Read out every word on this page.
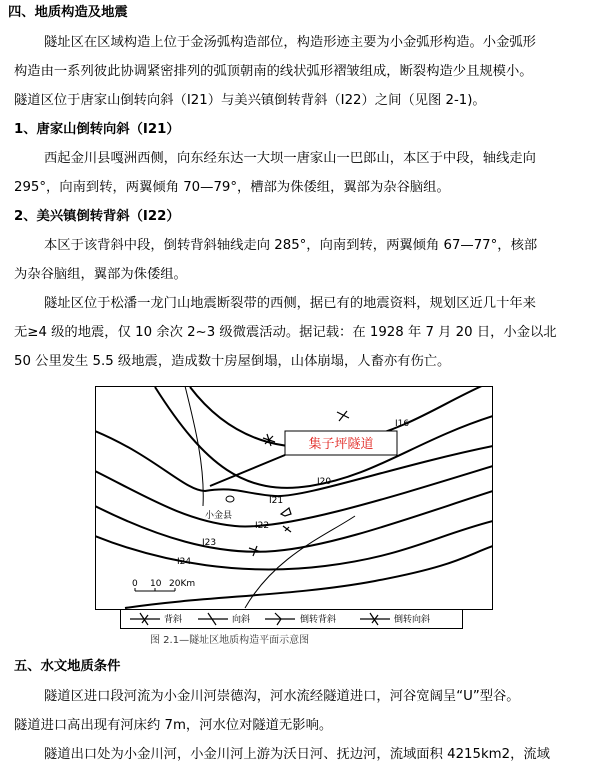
四、地质构造及地震
隧址区在区域构造上位于金汤弧构造部位，构造形迹主要为小金弧形构造。小金弧形
构造由一系列彼此协调紧密排列的弧顶朝南的线状弧形褶皱组成，断裂构造少且规模小。
隧道区位于唐家山倒转向斜（Ⅰ21）与美兴镇倒转背斜（Ⅰ22）之间（见图 2-1)。
1、唐家山倒转向斜（Ⅰ21）
西起金川县嘎洲西侧，向东经东达一大坝一唐家山一巴郎山，本区于中段，轴线走向
295°，向南到转，两翼倾角 70—79°，槽部为侏倭组，翼部为杂谷脑组。
2、美兴镇倒转背斜（Ⅰ22）
本区于该背斜中段，倒转背斜轴线走向 285°，向南到转，两翼倾角 67—77°，核部
为杂谷脑组，翼部为侏倭组。
隧址区位于松潘一龙门山地震断裂带的西侧，据已有的地震资料，规划区近几十年来
无≥4 级的地震，仅 10 余次 2~3 级微震活动。据记载：在 1928 年 7 月 20 日，小金以北
50 公里发生 5.5 级地震，造成数十房屋倒塌，山体崩塌，人畜亦有伤亡。
集子坪隧道
小金县
Ⅰ16
Ⅰ20
Ⅰ21
Ⅰ22
Ⅰ23
Ⅰ24
0 10 20Km
背斜	向斜	倒转背斜	倒转向斜
图 2.1—隧址区地质构造平面示意图
五、水文地质条件
隧道区进口段河流为小金川河崇德沟，河水流经隧道进口，河谷宽阔呈“U”型谷。
隧道进口高出现有河床约 7m，河水位对隧道无影响。
隧道出口处为小金川河，小金川河上游为沃日河、抚边河，流域面积 4215km2，流域
